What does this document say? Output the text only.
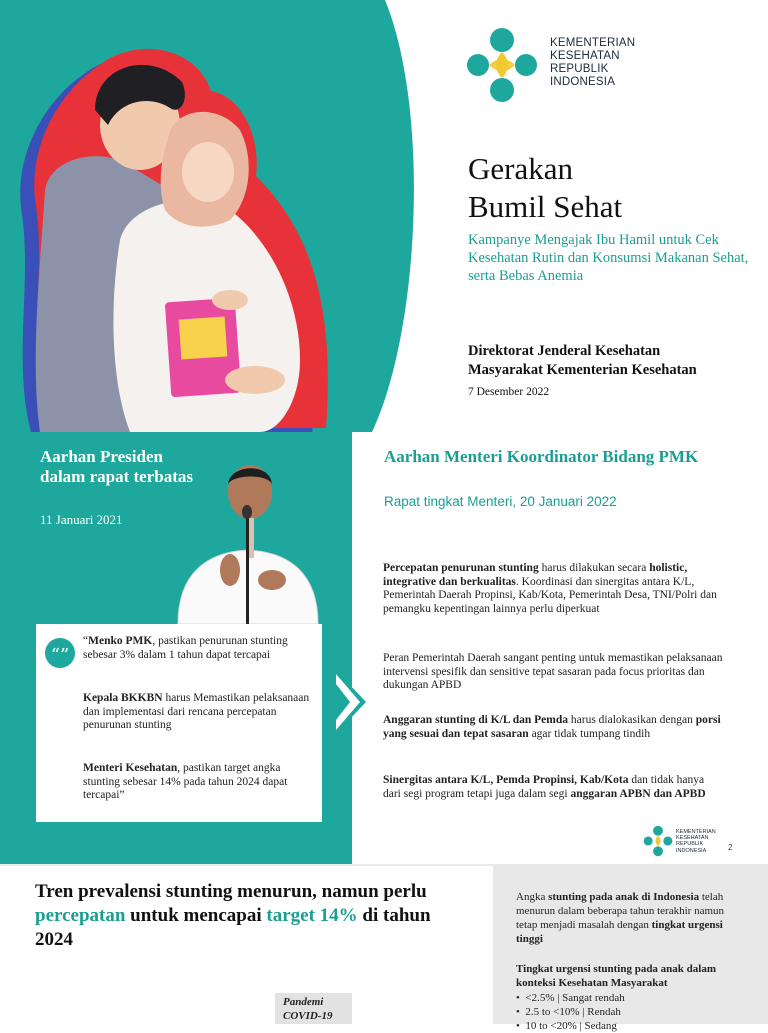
KEMENTERIAN
KESEHATAN
REPUBLIK
INDONESIA
Gerakan
Bumil Sehat
Kampanye Mengajak Ibu Hamil untuk Cek Kesehatan Rutin dan Konsumsi Makanan Sehat, serta Bebas Anemia
Direktorat Jenderal Kesehatan
Masyarakat Kementerian Kesehatan
7 Desember 2022
Aarhan Presiden dalam rapat terbatas
11 Januari 2021
“”
“Menko PMK, pastikan penurunan stunting sebesar 3% dalam 1 tahun dapat tercapai
Kepala BKKBN harus Memastikan pelaksanaan dan implementasi dari rencana percepatan penurunan stunting
Menteri Kesehatan, pastikan target angka stunting sebesar 14% pada tahun 2024 dapat tercapai”
Aarhan Menteri Koordinator Bidang PMK
Rapat tingkat Menteri, 20 Januari 2022
Percepatan penurunan stunting harus dilakukan secara holistic, integrative dan berkualitas. Koordinasi dan sinergitas antara K/L, Pemerintah Daerah Propinsi, Kab/Kota, Pemerintah Desa, TNI/Polri dan pemangku kepentingan lainnya perlu diperkuat
Peran Pemerintah Daerah sangant penting untuk memastikan pelaksanaan intervensi spesifik dan sensitive tepat sasaran pada focus prioritas dan dukungan APBD
Anggaran stunting di K/L dan Pemda harus dialokasikan dengan porsi yang sesuai dan tepat sasaran agar tidak tumpang tindih
Sinergitas antara K/L, Pemda Propinsi, Kab/Kota dan tidak hanya dari segi program tetapi juga dalam segi anggaran APBN dan APBD
KEMENTERIAN
KESEHATAN
REPUBLIK
INDONESIA	2
Tren prevalensi stunting menurun, namun perlu percepatan untuk mencapai target 14% di tahun 2024
Angka stunting pada anak di Indonesia telah menurun dalam beberapa tahun terakhir namun tetap menjadi masalah dengan tingkat urgensi tinggi
Tingkat urgensi stunting pada anak dalam konteksi Kesehatan Masyarakat
•  <2.5% | Sangat rendah
•  2.5 to <10% | Rendah
•  10 to <20% | Sedang
Pandemi COVID-19
